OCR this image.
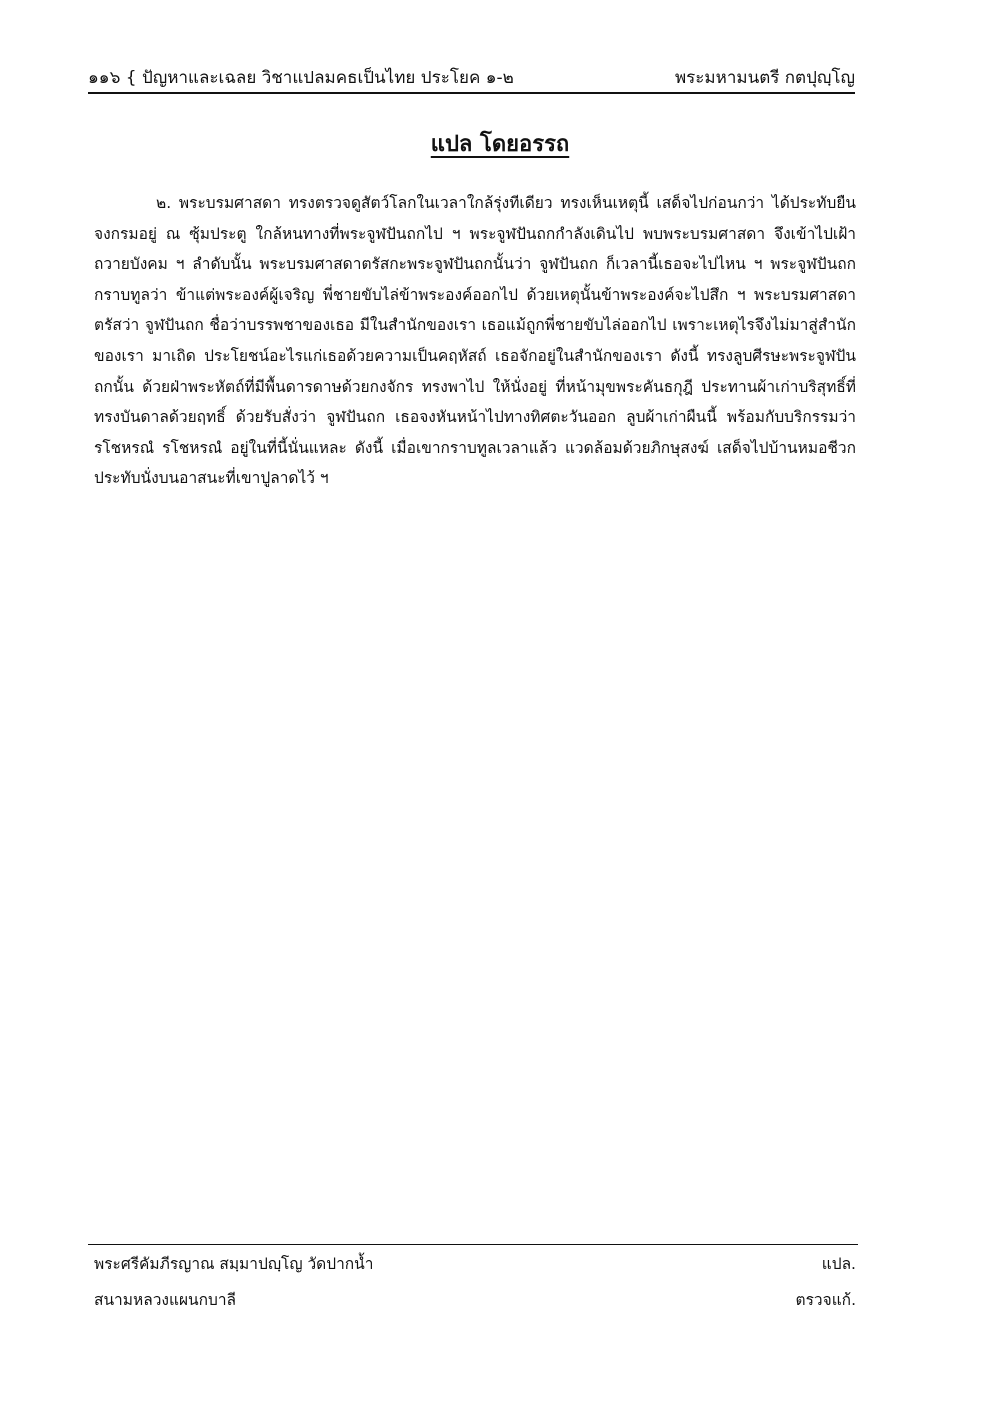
๑๑๖ { ปัญหาและเฉลย วิชาแปลมคธเป็นไทย ประโยค ๑-๒	พระมหามนตรี กตปุญฺโญ
แปล โดยอรรถ

๒. พระบรมศาสดา ทรงตรวจดูสัตว์โลกในเวลาใกล้รุ่งทีเดียว ทรงเห็นเหตุนี้ เสด็จไปก่อนกว่า ได้ประทับยืนจงกรมอยู่ ณ ซุ้มประตู ใกล้หนทางที่พระจูฬปันถกไป ฯ พระจูฬปันถกกำลังเดินไป พบพระบรมศาสดา จึงเข้าไปเฝ้าถวายบังคม ฯ ลำดับนั้น พระบรมศาสดาตรัสกะพระจูฬปันถกนั้นว่า จูฬปันถก ก็เวลานี้เธอจะไปไหน ฯ พระจูฬปันถกกราบทูลว่า ข้าแต่พระองค์ผู้เจริญ พี่ชายขับไล่ข้าพระองค์ออกไป ด้วยเหตุนั้นข้าพระองค์จะไปสึก ฯ พระบรมศาสดาตรัสว่า จูฬปันถก ชื่อว่าบรรพชาของเธอ มีในสำนักของเรา เธอแม้ถูกพี่ชายขับไล่ออกไป เพราะเหตุไรจึงไม่มาสู่สำนักของเรา มาเถิด ประโยชน์อะไรแก่เธอด้วยความเป็นคฤหัสถ์ เธอจักอยู่ในสำนักของเรา ดังนี้ ทรงลูบศีรษะพระจูฬปันถกนั้น ด้วยฝ่าพระหัตถ์ที่มีพื้นดารดาษด้วยกงจักร ทรงพาไป ให้นั่งอยู่ ที่หน้ามุขพระคันธกุฎี ประทานผ้าเก่าบริสุทธิ์ที่ทรงบันดาลด้วยฤทธิ์ ด้วยรับสั่งว่า จูฬปันถก เธอจงหันหน้าไปทางทิศตะวันออก ลูบผ้าเก่าผืนนี้ พร้อมกับบริกรรมว่า รโชหรณํ รโชหรณํ อยู่ในที่นี้นั่นแหละ ดังนี้ เมื่อเขากราบทูลเวลาแล้ว แวดล้อมด้วยภิกษุสงฆ์ เสด็จไปบ้านหมอชีวก ประทับนั่งบนอาสนะที่เขาปูลาดไว้ ฯ

พระศรีคัมภีรญาณ สมฺมาปญฺโญ วัดปากน้ำ	แปล.
สนามหลวงแผนกบาลี	ตรวจแก้.
